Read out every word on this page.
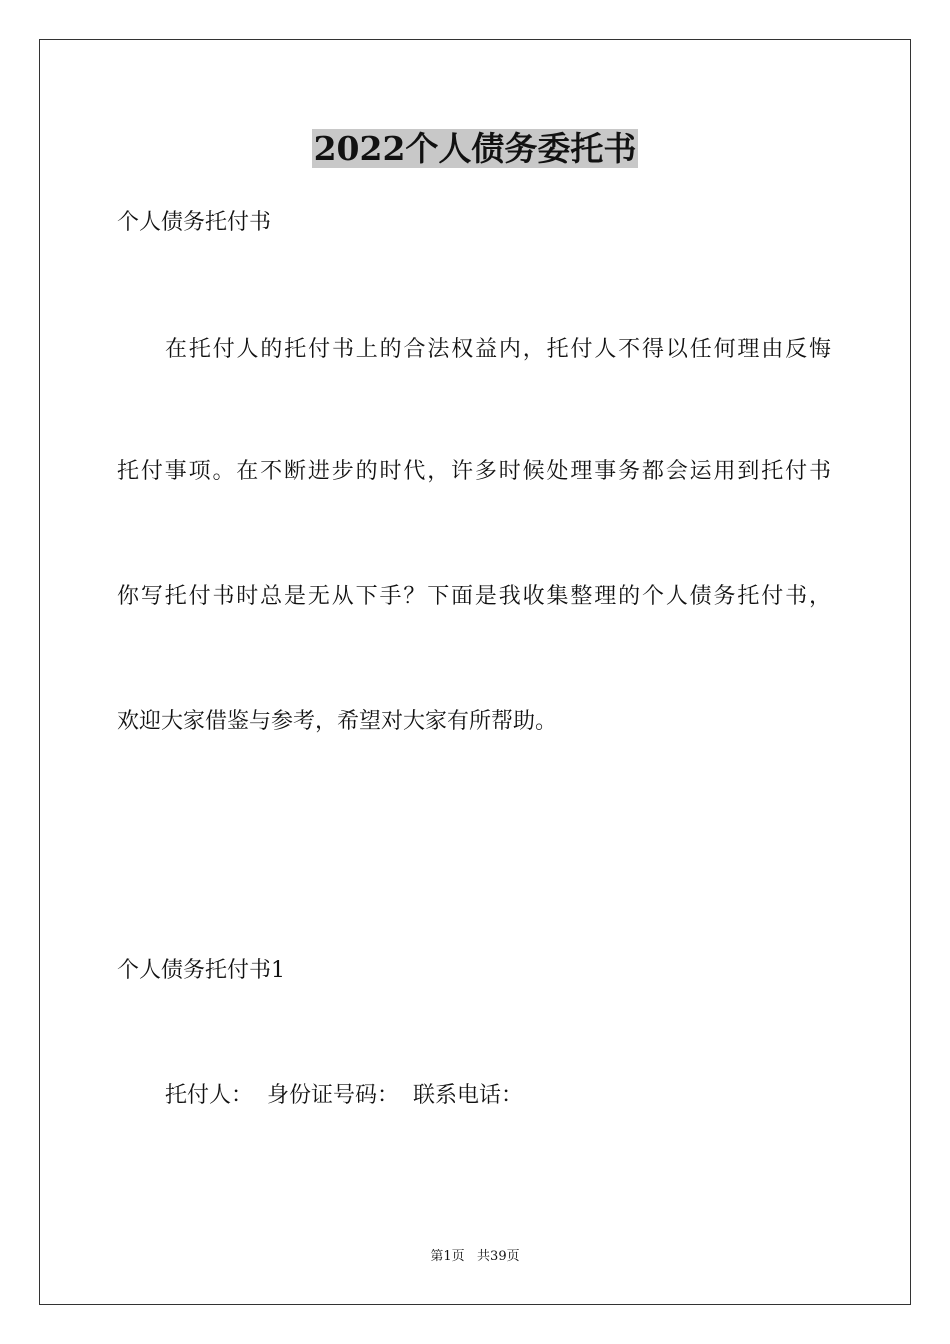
2022个人债务委托书
个人债务托付书
在托付人的托付书上的合法权益内，托付人不得以任何理由反悔
托付事项。在不断进步的时代，许多时候处理事务都会运用到托付书
你写托付书时总是无从下手？下面是我收集整理的个人债务托付书，
欢迎大家借鉴与参考，希望对大家有所帮助。
个人债务托付书1
托付人：  身份证号码：  联系电话：
第1页   共39页
